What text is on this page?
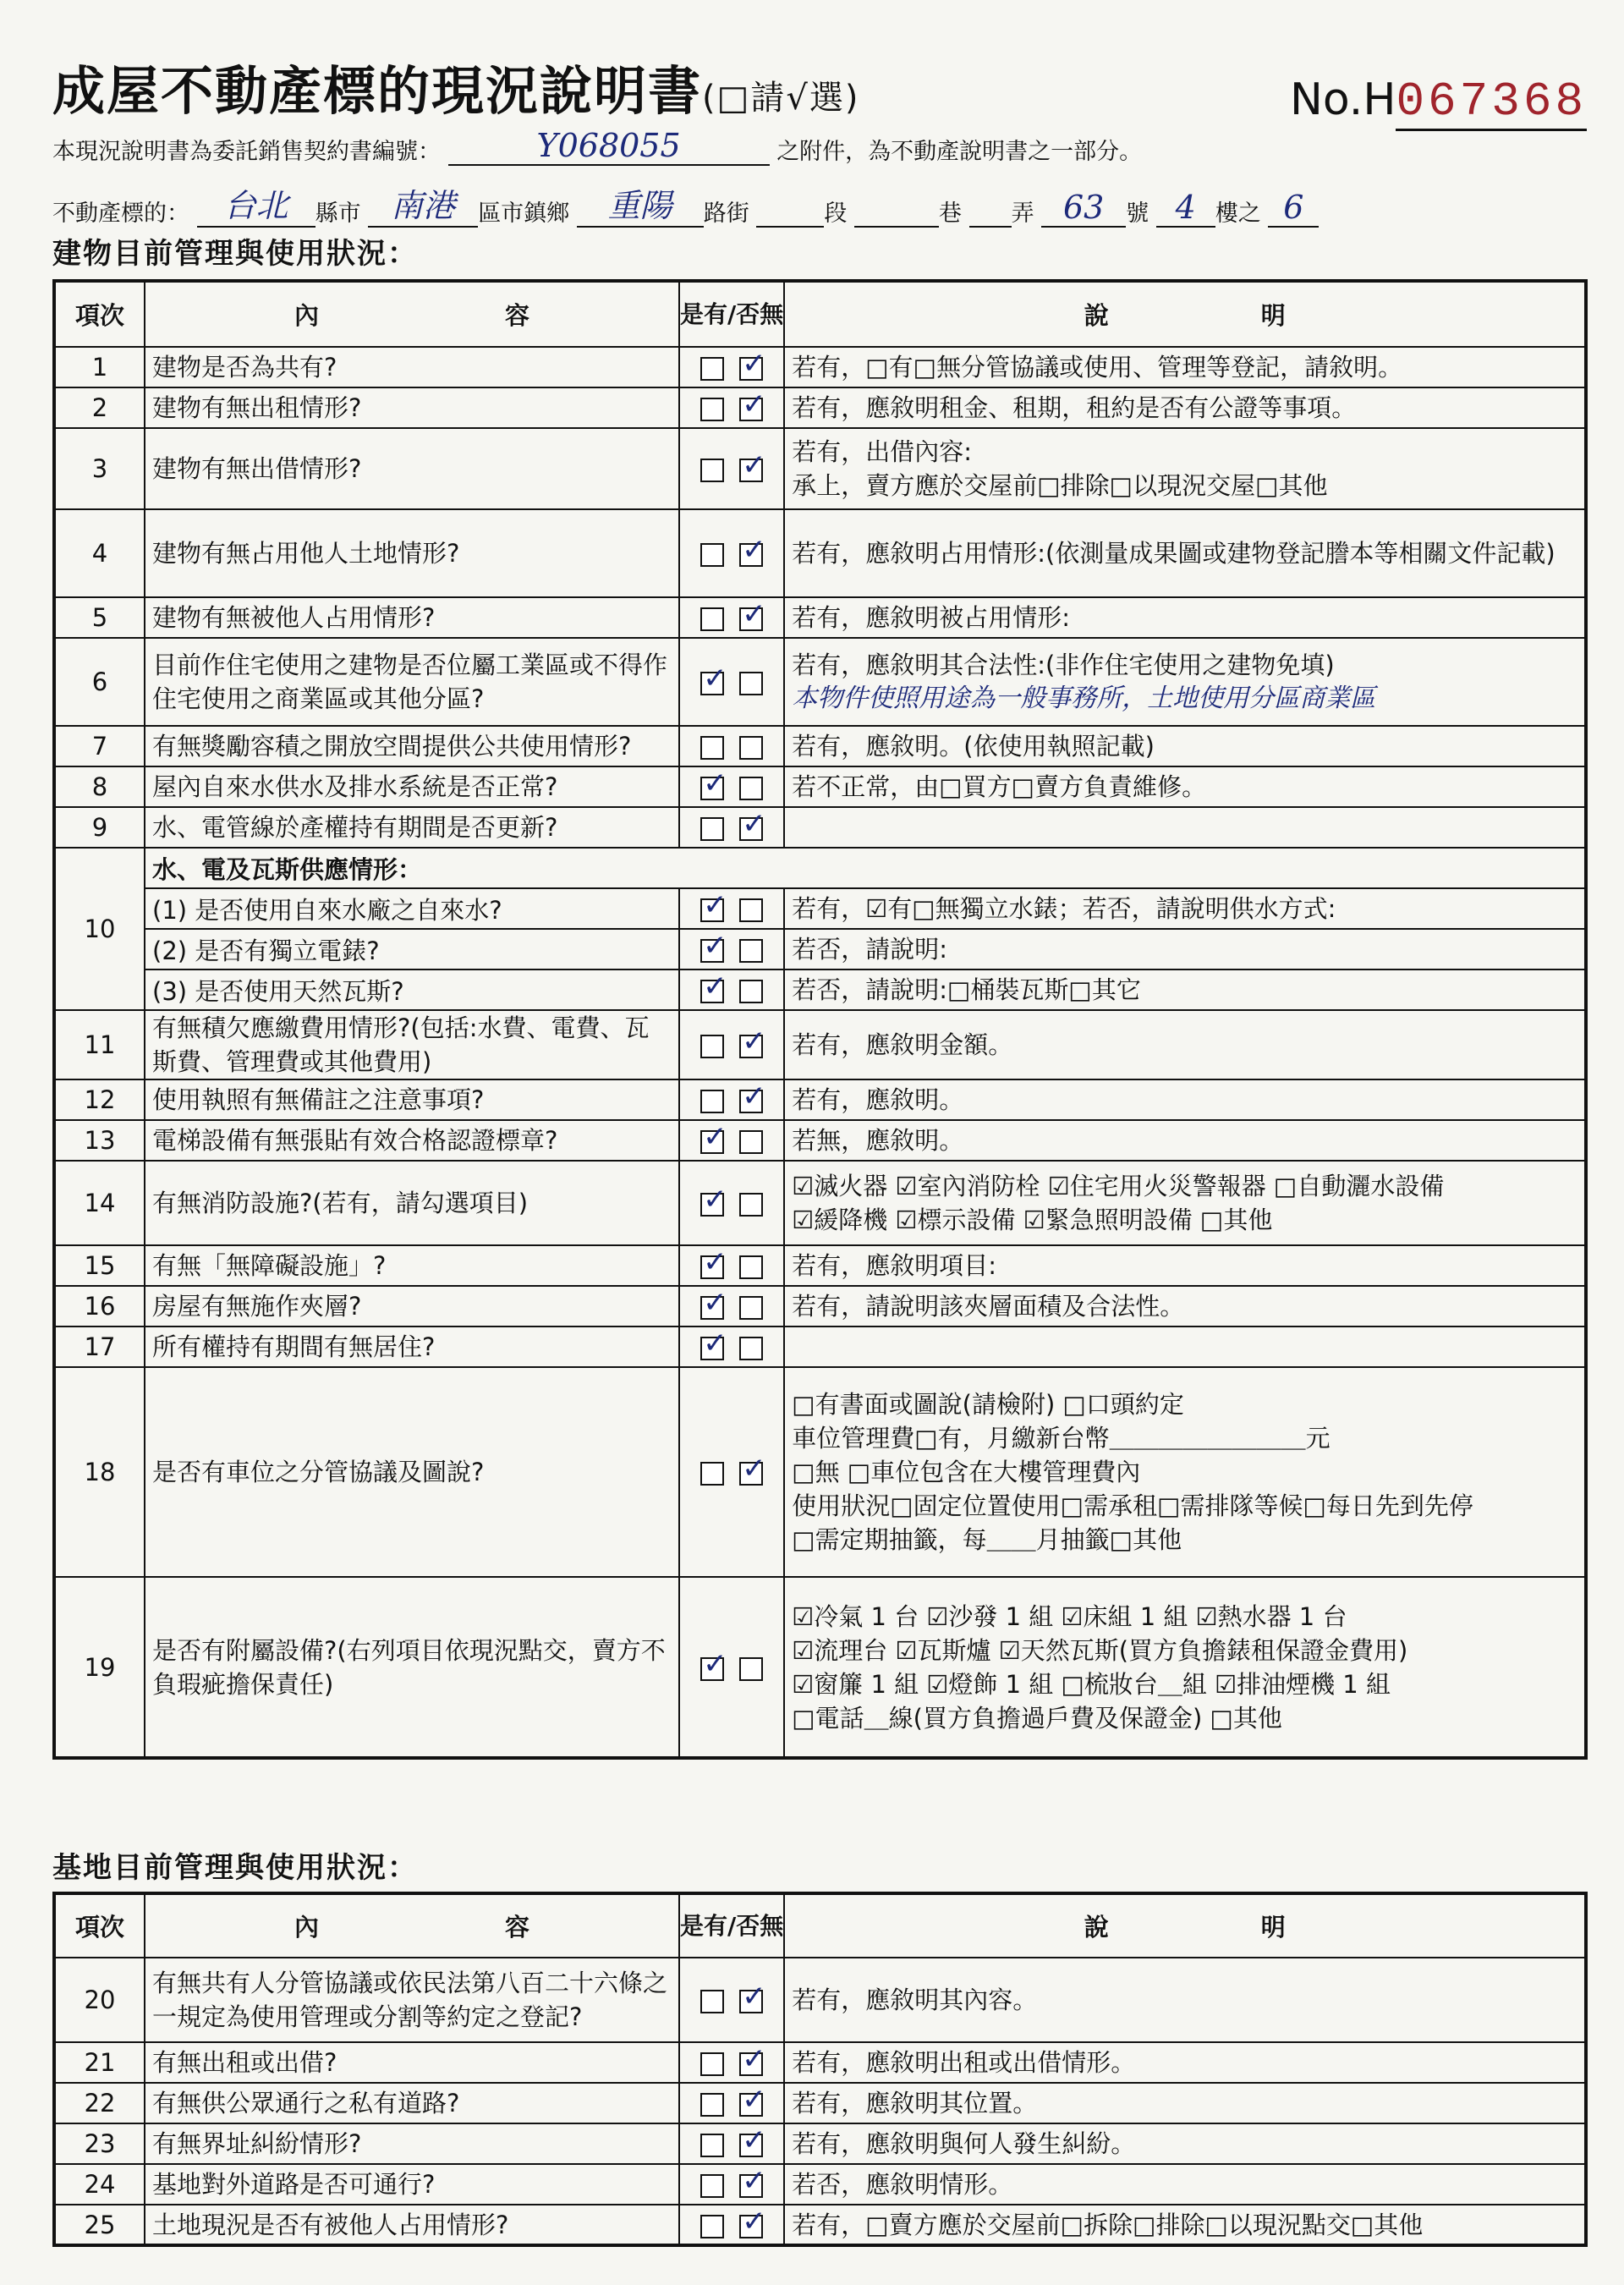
成屋不動產標的現況說明書(□請√選)	No.H067368
本現況說明書為委託銷售契約書編號：	Y068055	之附件，為不動產說明書之一部分。
不動產標的： 台北 縣市 南港 區市鎮鄉 重陽 路街	段	巷 弄 63 號 4 樓之 6
建物目前管理與使用狀況：
項次	內 容	是有/否無	說 明
1	建物是否為共有?	✓	若有，□有□無分管協議或使用、管理等登記，請敘明。

2	建物有無出租情形?	✓	若有，應敘明租金、租期，租約是否有公證等事項。

3	建物有無出借情形?	✓	若有，出借內容:
承上，賣方應於交屋前□排除□以現況交屋□其他

4	建物有無占用他人土地情形?	✓	若有，應敘明占用情形:(依測量成果圖或建物登記謄本等相關文件記載)

5	建物有無被他人占用情形?	✓	若有，應敘明被占用情形:

6	目前作住宅使用之建物是否位屬工業區或不得作住宅使用之商業區或其他分區?	✓	若有，應敘明其合法性:(非作住宅使用之建物免填)
本物件使照用途為一般事務所，土地使用分區商業區

7	有無獎勵容積之開放空間提供公共使用情形?		若有，應敘明。(依使用執照記載)

8	屋內自來水供水及排水系統是否正常?	✓	若不正常，由□買方□賣方負責維修。

9	水、電管線於產權持有期間是否更新?	✓	

10	水、電及瓦斯供應情形：		
	(1) 是否使用自來水廠之自來水?	✓	若有，☑有□無獨立水錶；若否，請說明供水方式:
	(2) 是否有獨立電錶?	✓	若否，請說明:
	(3) 是否使用天然瓦斯?	✓	若否，請說明:□桶裝瓦斯□其它
11	有無積欠應繳費用情形?(包括:水費、電費、瓦斯費、管理費或其他費用)	✓	若有，應敘明金額。

12	使用執照有無備註之注意事項?	✓	若有，應敘明。

13	電梯設備有無張貼有效合格認證標章?	✓	若無，應敘明。

14	有無消防設施?(若有，請勾選項目)	✓	☑滅火器 ☑室內消防栓 ☑住宅用火災警報器 □自動灑水設備
☑緩降機 ☑標示設備 ☑緊急照明設備 □其他

15	有無「無障礙設施」?	✓	若有，應敘明項目:

16	房屋有無施作夾層?	✓	若有，請說明該夾層面積及合法性。

17	所有權持有期間有無居住?	✓	

18	是否有車位之分管協議及圖說?	✓	□有書面或圖說(請檢附) □口頭約定
車位管理費□有，月繳新台幣＿＿＿＿＿＿＿＿元
□無 □車位包含在大樓管理費內
使用狀況□固定位置使用□需承租□需排隊等候□每日先到先停
□需定期抽籤，每＿＿月抽籤□其他

19	是否有附屬設備?(右列項目依現況點交，賣方不負瑕疵擔保責任)	✓	☑冷氣 1 台 ☑沙發 1 組 ☑床組 1 組 ☑熱水器 1 台
☑流理台 ☑瓦斯爐 ☑天然瓦斯(買方負擔錶租保證金費用)
☑窗簾 1 組 ☑燈飾 1 組 □梳妝台＿組 ☑排油煙機 1 組
□電話＿線(買方負擔過戶費及保證金) □其他
基地目前管理與使用狀況：
項次	內 容	是有/否無	說 明
20	有無共有人分管協議或依民法第八百二十六條之一規定為使用管理或分割等約定之登記?	✓	若有，應敘明其內容。

21	有無出租或出借?	✓	若有，應敘明出租或出借情形。

22	有無供公眾通行之私有道路?	✓	若有，應敘明其位置。

23	有無界址糾紛情形?	✓	若有，應敘明與何人發生糾紛。

24	基地對外道路是否可通行?	✓	若否，應敘明情形。

25	土地現況是否有被他人占用情形?	✓	若有，□賣方應於交屋前□拆除□排除□以現況點交□其他
